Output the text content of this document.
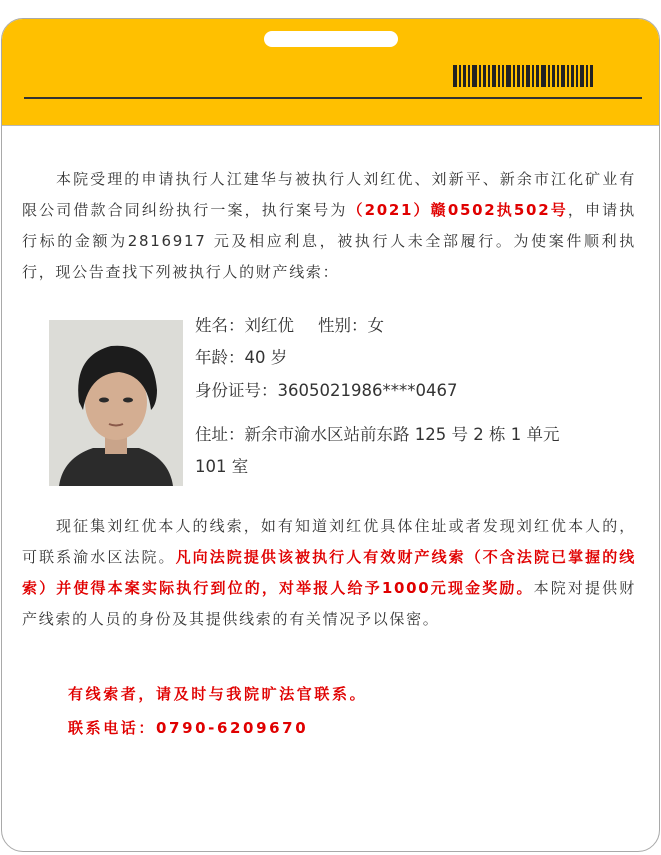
本院受理的申请执行人江建华与被执行人刘红优、刘新平、新余市江化矿业有限公司借款合同纠纷执行一案，执行案号为（2021）赣0502执502号，申请执行标的金额为2816917 元及相应利息，被执行人未全部履行。为使案件顺利执行，现公告查找下列被执行人的财产线索：

姓名：刘红优 性别：女
年龄：40 岁
身份证号：3605021986****0467
住址：新余市渝水区站前东路 125 号 2 栋 1 单元
101 室

现征集刘红优本人的线索，如有知道刘红优具体住址或者发现刘红优本人的，可联系渝水区法院。凡向法院提供该被执行人有效财产线索（不含法院已掌握的线索）并使得本案实际执行到位的，对举报人给予1000元现金奖励。本院对提供财产线索的人员的身份及其提供线索的有关情况予以保密。

有线索者，请及时与我院旷法官联系。
联系电话：0790-6209670
